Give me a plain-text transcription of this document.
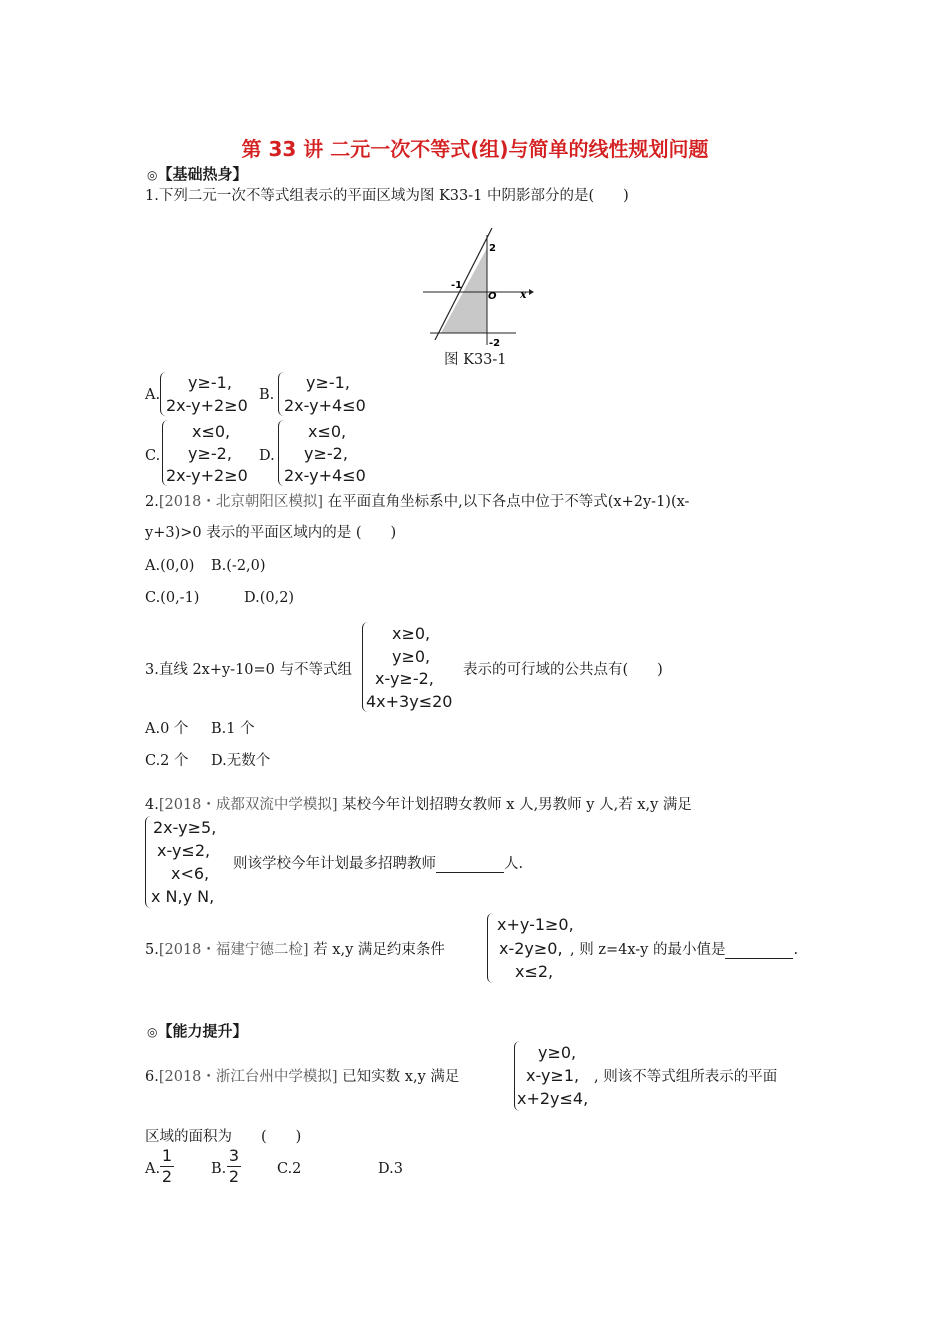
第 33 讲 二元一次不等式(组)与简单的线性规划问题
◎【基础热身】
1.下列二元一次不等式组表示的平面区域为图 K33-1 中阴影部分的是(　　)
x
O
2
-1
-2
图 K33-1
A.
y≥-1,
2x-y+2≥0
B.
y≥-1,
2x-y+4≤0
C.
x≤0,
y≥-2,
2x-y+2≥0
D.
x≤0,
y≥-2,
2x-y+4≤0
2.[2018・北京朝阳区模拟] 在平面直角坐标系中,以下各点中位于不等式(x+2y-1)(x-
y+3)>0 表示的平面区域内的是 (　　)
A.(0,0) B.(-2,0)
C.(0,-1)	D.(0,2)
3.直线 2x+y-10=0 与不等式组
x≥0,
y≥0,
x-y≥-2,
4x+3y≤20
表示的可行域的公共点有(　　)
A.0 个 B.1 个
C.2 个 D.无数个
4.[2018・成都双流中学模拟] 某校今年计划招聘女教师 x 人,男教师 y 人,若 x,y 满足
2x-y≥5,
x-y≤2,
x<6,
x N,y N,
则该学校今年计划最多招聘教师	人.
5.[2018・福建宁德二检] 若 x,y 满足约束条件
x+y-1≥0,
x-2y≥0,
x≤2,
, 则 z=4x-y 的最小值是	.
◎【能力提升】
6.[2018・浙江台州中学模拟] 已知实数 x,y 满足
y≥0,
x-y≥1,
x+2y≤4,
, 则该不等式组所表示的平面
区域的面积为　　(　　)
A.
1
2	B.
3
2	C.2	D.3
